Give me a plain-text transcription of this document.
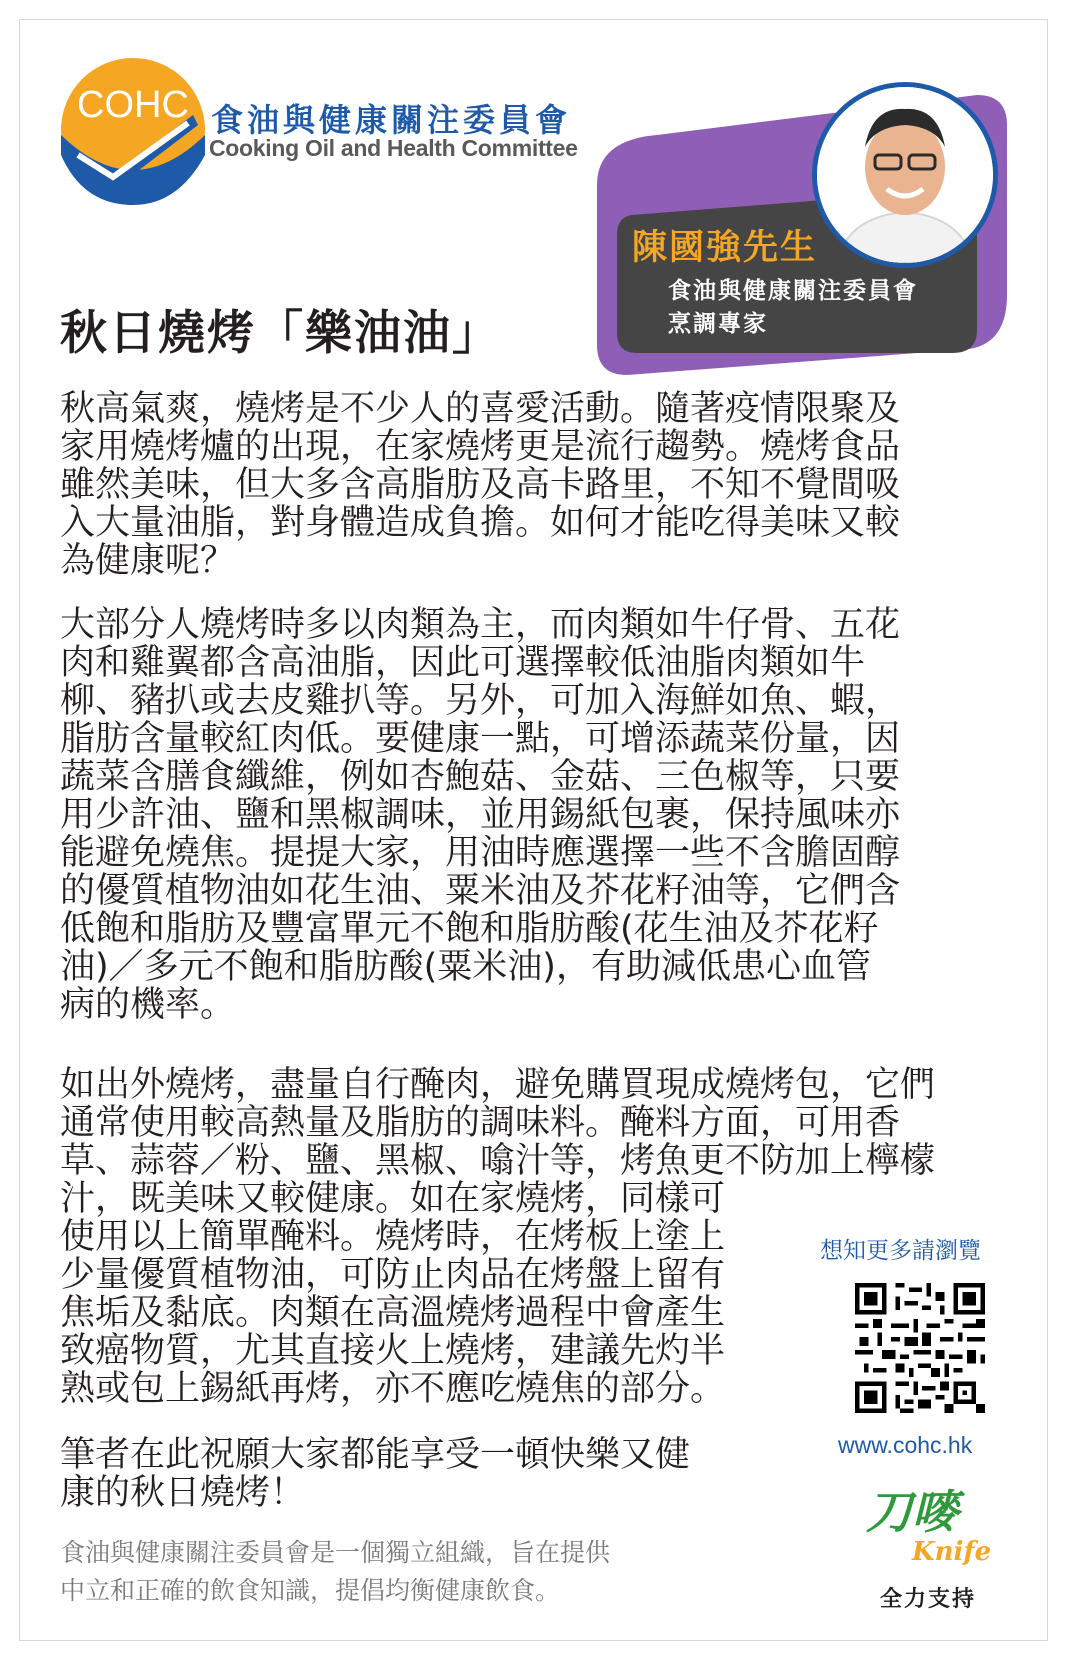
COHC 食油與健康關注委員會
Cooking Oil and Health Committee
陳國強先生
食油與健康關注委員會
烹調專家
秋日燒烤「樂油油」
秋高氣爽，燒烤是不少人的喜愛活動。隨著疫情限聚及
家用燒烤爐的出現，在家燒烤更是流行趨勢。燒烤食品
雖然美味，但大多含高脂肪及高卡路里，不知不覺間吸
入大量油脂，對身體造成負擔。如何才能吃得美味又較
為健康呢？
大部分人燒烤時多以肉類為主，而肉類如牛仔骨、五花
肉和雞翼都含高油脂，因此可選擇較低油脂肉類如牛
柳、豬扒或去皮雞扒等。另外，可加入海鮮如魚、蝦，
脂肪含量較紅肉低。要健康一點，可增添蔬菜份量，因
蔬菜含膳食纖維，例如杏鮑菇、金菇、三色椒等，只要
用少許油、鹽和黑椒調味，並用錫紙包裹，保持風味亦
能避免燒焦。提提大家，用油時應選擇一些不含膽固醇
的優質植物油如花生油、粟米油及芥花籽油等，它們含
低飽和脂肪及豐富單元不飽和脂肪酸(花生油及芥花籽
油)／多元不飽和脂肪酸(粟米油)，有助減低患心血管
病的機率。
如出外燒烤，盡量自行醃肉，避免購買現成燒烤包，它們
通常使用較高熱量及脂肪的調味料。醃料方面，可用香
草、蒜蓉／粉、鹽、黑椒、噏汁等，烤魚更不防加上檸檬
汁，既美味又較健康。如在家燒烤，同樣可
使用以上簡單醃料。燒烤時，在烤板上塗上
少量優質植物油，可防止肉品在烤盤上留有
焦垢及黏底。肉類在高溫燒烤過程中會產生
致癌物質，尤其直接火上燒烤，建議先灼半
熟或包上錫紙再烤，亦不應吃燒焦的部分。
筆者在此祝願大家都能享受一頓快樂又健
康的秋日燒烤！
食油與健康關注委員會是一個獨立組織，旨在提供
中立和正確的飲食知識，提倡均衡健康飲食。
想知更多請瀏覽
www.cohc.hk
刀嘜
Knife
全力支持
